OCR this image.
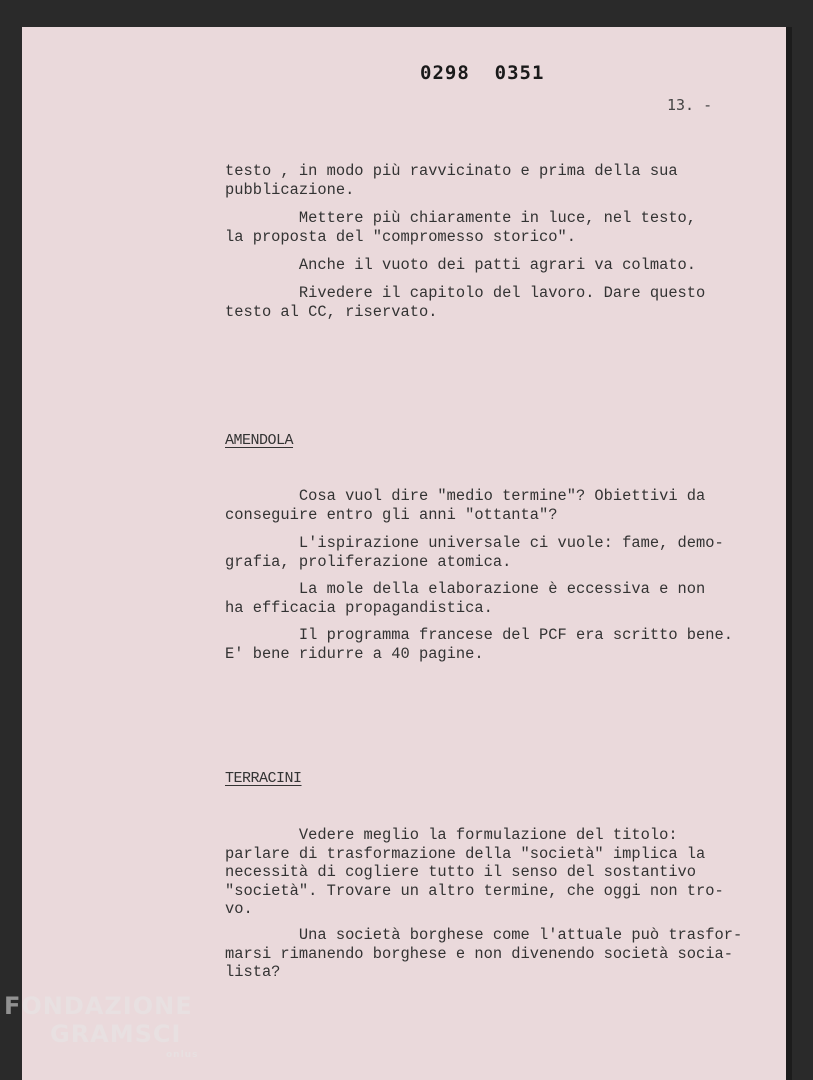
0298  0351
13. -
testo , in modo più ravvicinato e prima della sua
pubblicazione.
Mettere più chiaramente in luce, nel testo,
la proposta del "compromesso storico".
Anche il vuoto dei patti agrari va colmato.
Rivedere il capitolo del lavoro. Dare questo
testo al CC, riservato.
AMENDOLA
Cosa vuol dire "medio termine"? Obiettivi da
conseguire entro gli anni "ottanta"?
L'ispirazione universale ci vuole: fame, demo-
grafia, proliferazione atomica.
La mole della elaborazione è eccessiva e non
ha efficacia propagandistica.
Il programma francese del PCF era scritto bene.
E' bene ridurre a 40 pagine.
TERRACINI
Vedere meglio la formulazione del titolo:
parlare di trasformazione della "società" implica la
necessità di cogliere tutto il senso del sostantivo
"società". Trovare un altro termine, che oggi non tro-
vo.
Una società borghese come l'attuale può trasfor-
marsi rimanendo borghese e non divenendo società socia-
lista?
FONDAZIONE
GRAMSCI
onlus
